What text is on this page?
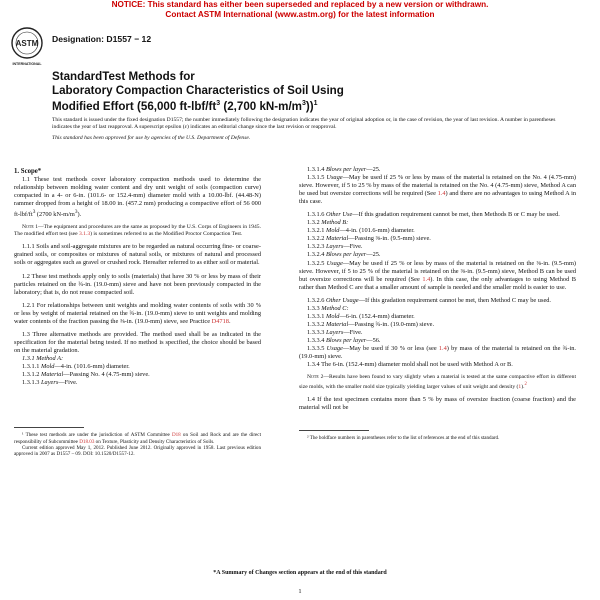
NOTICE: This standard has either been superseded and replaced by a new version or withdrawn.
Contact ASTM International (www.astm.org) for the latest information
ASTM
INTERNATIONAL
Designation: D1557 − 12
StandardTest Methods for
Laboratory Compaction Characteristics of Soil Using
Modified Effort (56,000 $ft-lbf/ft^3$ (2,700 $kN-m/m^3))^1$
This standard is issued under the fixed designation D1557; the number immediately following the designation indicates the year of original adoption or, in the case of revision, the year of last revision. A number in parentheses indicates the year of last reapproval. A superscript epsilon (ε) indicates an editorial change since the last revision or reapproval.
This standard has been approved for use by agencies of the U.S. Department of Defense.

1. Scope*

1.1 These test methods cover laboratory compaction methods used to determine the relationship between molding water content and dry unit weight of soils (compaction curve) compacted in a 4- or 6-in. (101.6- or 152.4-mm) diameter mold with a 10.00-lbf. (44.48-N) rammer dropped from a height of 18.00 in. (457.2 mm) producing a compactive effort of 56 000 $ft-lbf/ft^3$ (2700 $kN-m/m^3$).

Note 1—The equipment and procedures are the same as proposed by the U.S. Corps of Engineers in 1945. The modified effort test (see 3.1.3) is sometimes referred to as the Modified Proctor Compaction Test.

1.1.1 Soils and soil-aggregate mixtures are to be regarded as natural occurring fine- or coarse-grained soils, or composites or mixtures of natural soils, or mixtures of natural and processed soils or aggregates such as gravel or crushed rock. Hereafter referred to as either soil or material.

1.2 These test methods apply only to soils (materials) that have 30 % or less by mass of their particles retained on the ¾-in. (19.0-mm) sieve and have not been previously compacted in the laboratory; that is, do not reuse compacted soil.

1.2.1 For relationships between unit weights and molding water contents of soils with 30 % or less by weight of material retained on the ¾-in. (19.0-mm) sieve to unit weights and molding water contents of the fraction passing the ⅜-in. (19.0-mm) sieve, see Practice D4718.

1.3 Three alternative methods are provided. The method used shall be as indicated in the specification for the material being tested. If no method is specified, the choice should be based on the material gradation.

1.3.1 Method A:

1.3.1.1 Mold—4-in. (101.6-mm) diameter.

1.3.1.2 Material—Passing No. 4 (4.75-mm) sieve.

1.3.1.3 Layers—Five.

¹ These test methods are under the jurisdiction of ASTM Committee D18 on Soil and Rock and are the direct responsibility of Subcommittee D18.03 on Texture, Plasticity and Density Characteristics of Soils.

Current edition approved May 1, 2012. Published June 2012. Originally approved in 1958. Last previous edition approved in 2007 as D1557 – 09. DOI: 10.1520/D1557-12.

1.3.1.4 Blows per layer—25.

1.3.1.5 Usage—May be used if 25 % or less by mass of the material is retained on the No. 4 (4.75-mm) sieve. However, if 5 to 25 % by mass of the material is retained on the No. 4 (4.75-mm) sieve, Method A can be used but oversize corrections will be required (See 1.4) and there are no advantages to using Method A in this case.

1.3.1.6 Other Use—If this gradation requirement cannot be met, then Methods B or C may be used.

1.3.2 Method B:

1.3.2.1 Mold—4-in. (101.6-mm) diameter.

1.3.2.2 Material—Passing ⅜-in. (9.5-mm) sieve.

1.3.2.3 Layers—Five.

1.3.2.4 Blows per layer—25.

1.3.2.5 Usage—May be used if 25 % or less by mass of the material is retained on the ⅜-in. (9.5-mm) sieve. However, if 5 to 25 % of the material is retained on the ⅜-in. (9.5-mm) sieve, Method B can be used but oversize corrections will be required (See 1.4). In this case, the only advantages to using Method B rather than Method C are that a smaller amount of sample is needed and the smaller mold is easier to use.

1.3.2.6 Other Usage—If this gradation requirement cannot be met, then Method C may be used.

1.3.3 Method C:

1.3.3.1 Mold—6-in. (152.4-mm) diameter.

1.3.3.2 Material—Passing ¾-in. (19.0-mm) sieve.

1.3.3.3 Layers—Five.

1.3.3.4 Blows per layer—56.

1.3.3.5 Usage—May be used if 30 % or less (see 1.4) by mass of the material is retained on the ¾-in. (19.0-mm) sieve.

1.3.4 The 6-in. (152.4-mm) diameter mold shall not be used with Method A or B.

Note 2—Results have been found to vary slightly when a material is tested at the same compactive effort in different size molds, with the smaller mold size typically yielding larger values of unit weight and density (1).$^2$

1.4 If the test specimen contains more than 5 % by mass of oversize fraction (coarse fraction) and the material will not be

² The boldface numbers in parentheses refer to the list of references at the end of this standard.

*A Summary of Changes section appears at the end of this standard
1
